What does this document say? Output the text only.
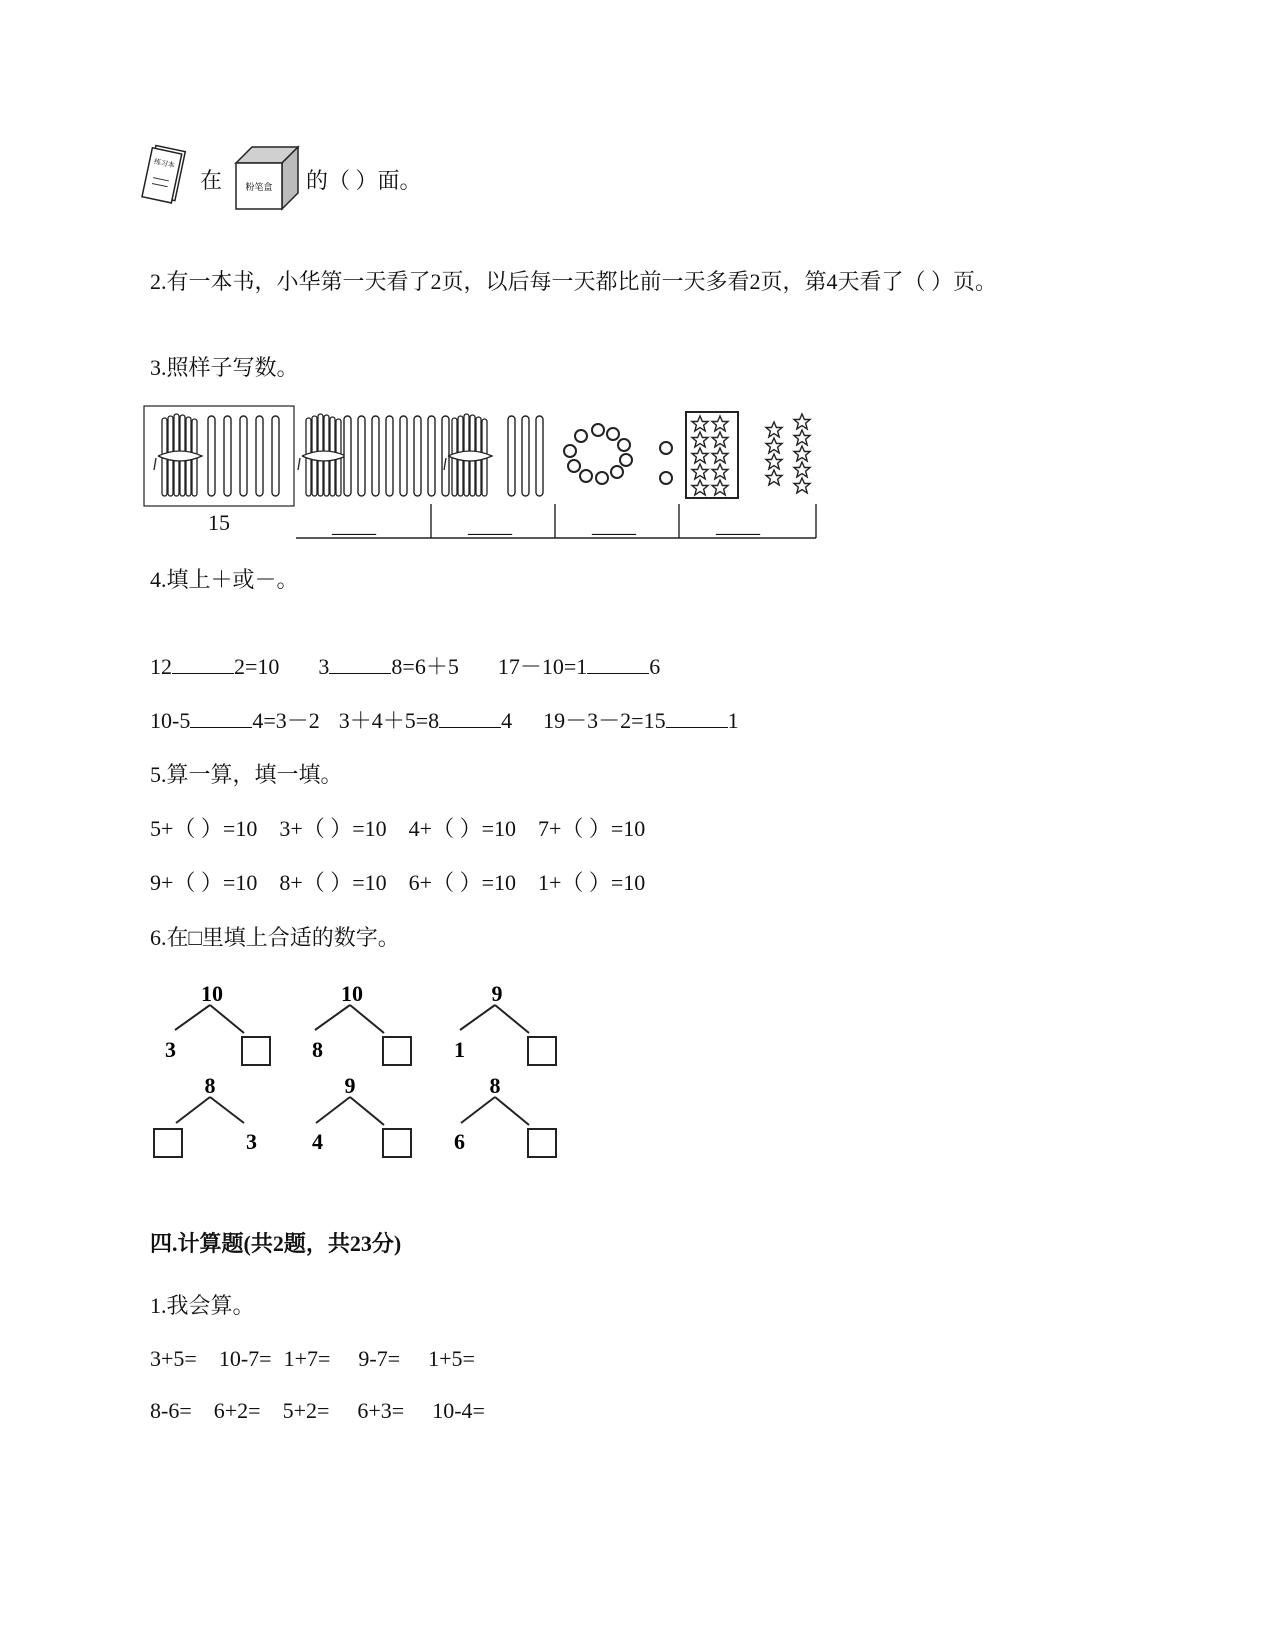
练习本
在	粉笔盒 的（ ）面。
2.有一本书，小华第一天看了2页，以后每一天都比前一天多看2页，第4天看了（ ）页。
3.照样子写数。
15	____	____	____	____
4.填上＋或－。
12	2=10 3	8=6＋5 17－10=1	6
10-5	4=3－2 3＋4＋5=8	4 19－3－2=15	1
5.算一算，填一填。
5+（ ）=10 3+（ ）=10 4+（ ）=10 7+（ ）=10
9+（ ）=10 8+（ ）=10 6+（ ）=10 1+（ ）=10
6.在□里填上合适的数字。
10
3
10
8
9
1
8
3
9
4
8
6
四.计算题(共2题，共23分)
1.我会算。
3+5= 10-7= 1+7= 9-7= 1+5=
8-6= 6+2= 5+2= 6+3= 10-4=
